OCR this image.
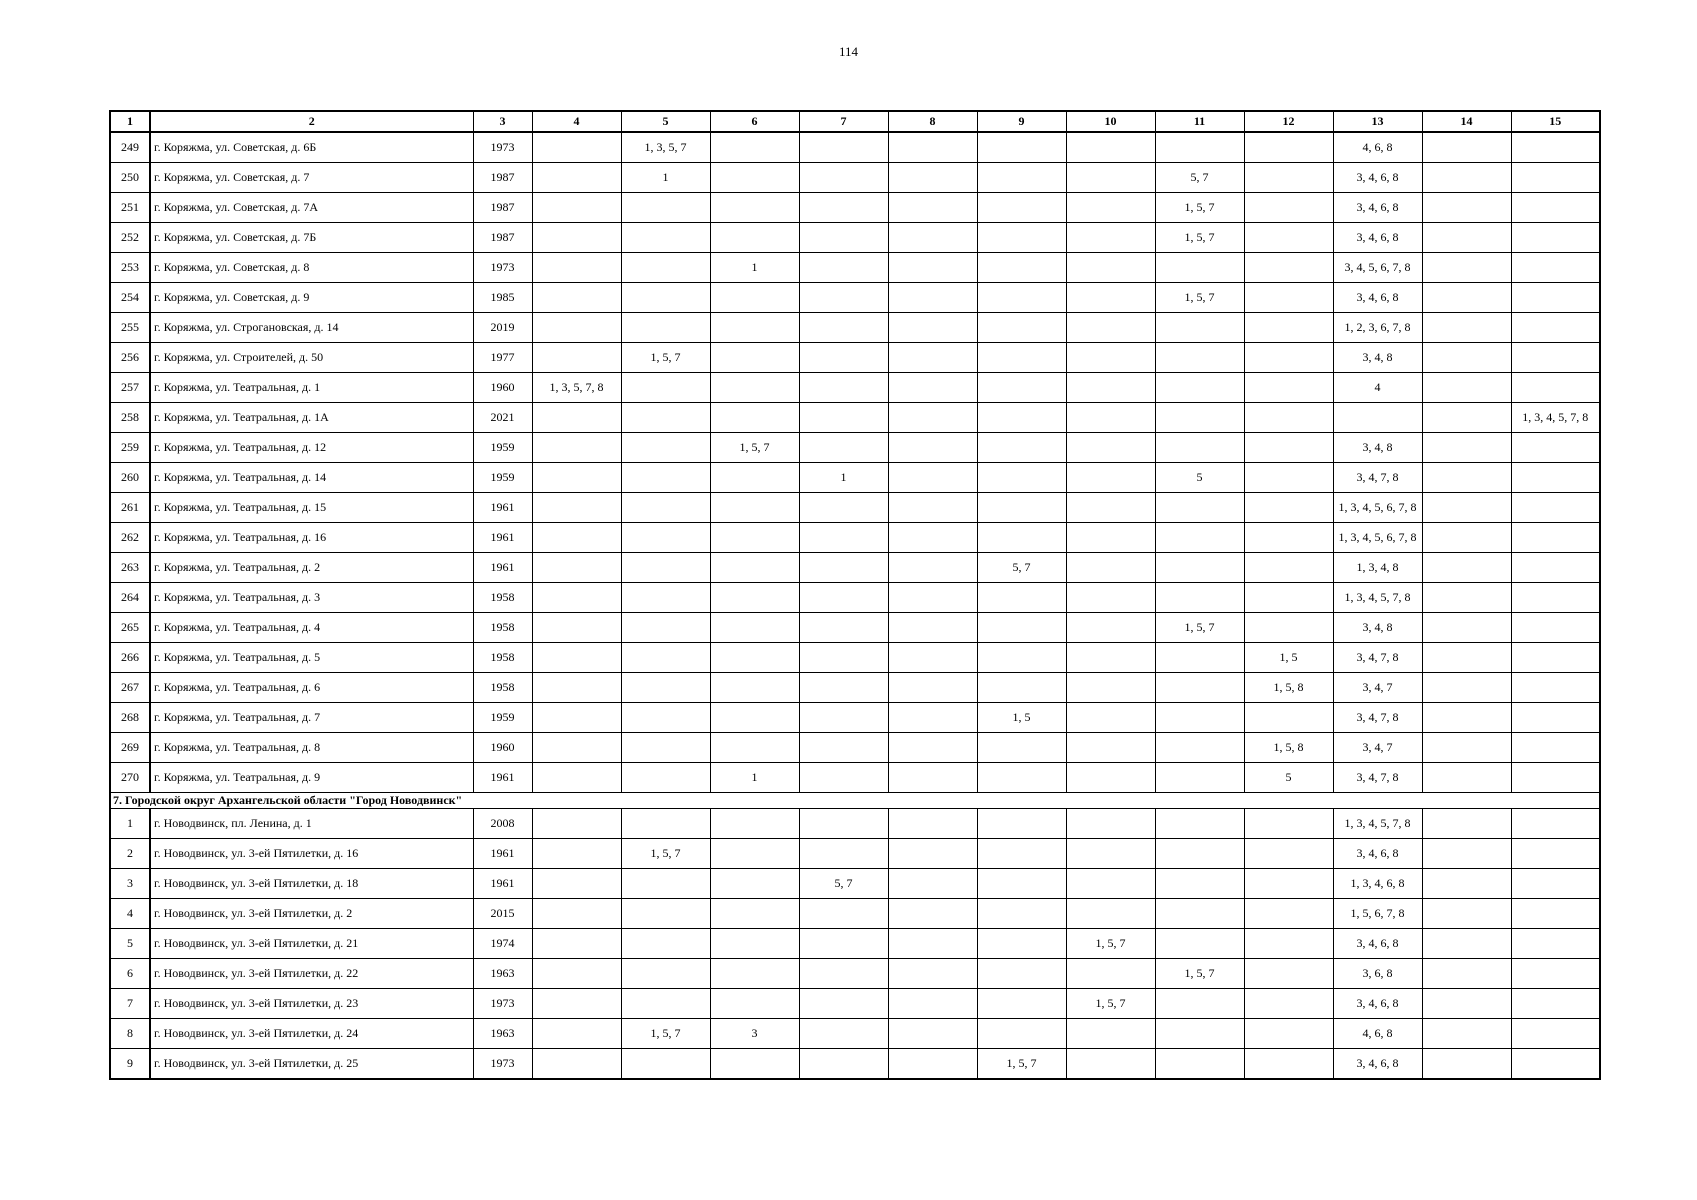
114
1	2	3	4	5	6	7	8	9	10	11	12	13	14	15
249	г. Коряжма, ул. Советская, д. 6Б	1973		1, 3, 5, 7								4, 6, 8		
250	г. Коряжма, ул. Советская, д. 7	1987		1						5, 7		3, 4, 6, 8		
251	г. Коряжма, ул. Советская, д. 7А	1987								1, 5, 7		3, 4, 6, 8		
252	г. Коряжма, ул. Советская, д. 7Б	1987								1, 5, 7		3, 4, 6, 8		
253	г. Коряжма, ул. Советская, д. 8	1973			1							3, 4, 5, 6, 7, 8		
254	г. Коряжма, ул. Советская, д. 9	1985								1, 5, 7		3, 4, 6, 8		
255	г. Коряжма, ул. Строгановская, д. 14	2019										1, 2, 3, 6, 7, 8		
256	г. Коряжма, ул. Строителей, д. 50	1977		1, 5, 7								3, 4, 8		
257	г. Коряжма, ул. Театральная, д. 1	1960	1, 3, 5, 7, 8									4		
258	г. Коряжма, ул. Театральная, д. 1А	2021												1, 3, 4, 5, 7, 8
259	г. Коряжма, ул. Театральная, д. 12	1959			1, 5, 7							3, 4, 8		
260	г. Коряжма, ул. Театральная, д. 14	1959				1				5		3, 4, 7, 8		
261	г. Коряжма, ул. Театральная, д. 15	1961										1, 3, 4, 5, 6, 7, 8		
262	г. Коряжма, ул. Театральная, д. 16	1961										1, 3, 4, 5, 6, 7, 8		
263	г. Коряжма, ул. Театральная, д. 2	1961						5, 7				1, 3, 4, 8		
264	г. Коряжма, ул. Театральная, д. 3	1958										1, 3, 4, 5, 7, 8		
265	г. Коряжма, ул. Театральная, д. 4	1958								1, 5, 7		3, 4, 8		
266	г. Коряжма, ул. Театральная, д. 5	1958									1, 5	3, 4, 7, 8		
267	г. Коряжма, ул. Театральная, д. 6	1958									1, 5, 8	3, 4, 7		
268	г. Коряжма, ул. Театральная, д. 7	1959						1, 5				3, 4, 7, 8		
269	г. Коряжма, ул. Театральная, д. 8	1960									1, 5, 8	3, 4, 7		
270	г. Коряжма, ул. Театральная, д. 9	1961			1						5	3, 4, 7, 8		
7. Городской округ Архангельской области "Город Новодвинск"														
1	г. Новодвинск, пл. Ленина, д. 1	2008										1, 3, 4, 5, 7, 8		
2	г. Новодвинск, ул. 3-ей Пятилетки, д. 16	1961		1, 5, 7								3, 4, 6, 8		
3	г. Новодвинск, ул. 3-ей Пятилетки, д. 18	1961				5, 7						1, 3, 4, 6, 8		
4	г. Новодвинск, ул. 3-ей Пятилетки, д. 2	2015										1, 5, 6, 7, 8		
5	г. Новодвинск, ул. 3-ей Пятилетки, д. 21	1974							1, 5, 7			3, 4, 6, 8		
6	г. Новодвинск, ул. 3-ей Пятилетки, д. 22	1963								1, 5, 7		3, 6, 8		
7	г. Новодвинск, ул. 3-ей Пятилетки, д. 23	1973							1, 5, 7			3, 4, 6, 8		
8	г. Новодвинск, ул. 3-ей Пятилетки, д. 24	1963		1, 5, 7	3							4, 6, 8		
9	г. Новодвинск, ул. 3-ей Пятилетки, д. 25	1973						1, 5, 7				3, 4, 6, 8		
